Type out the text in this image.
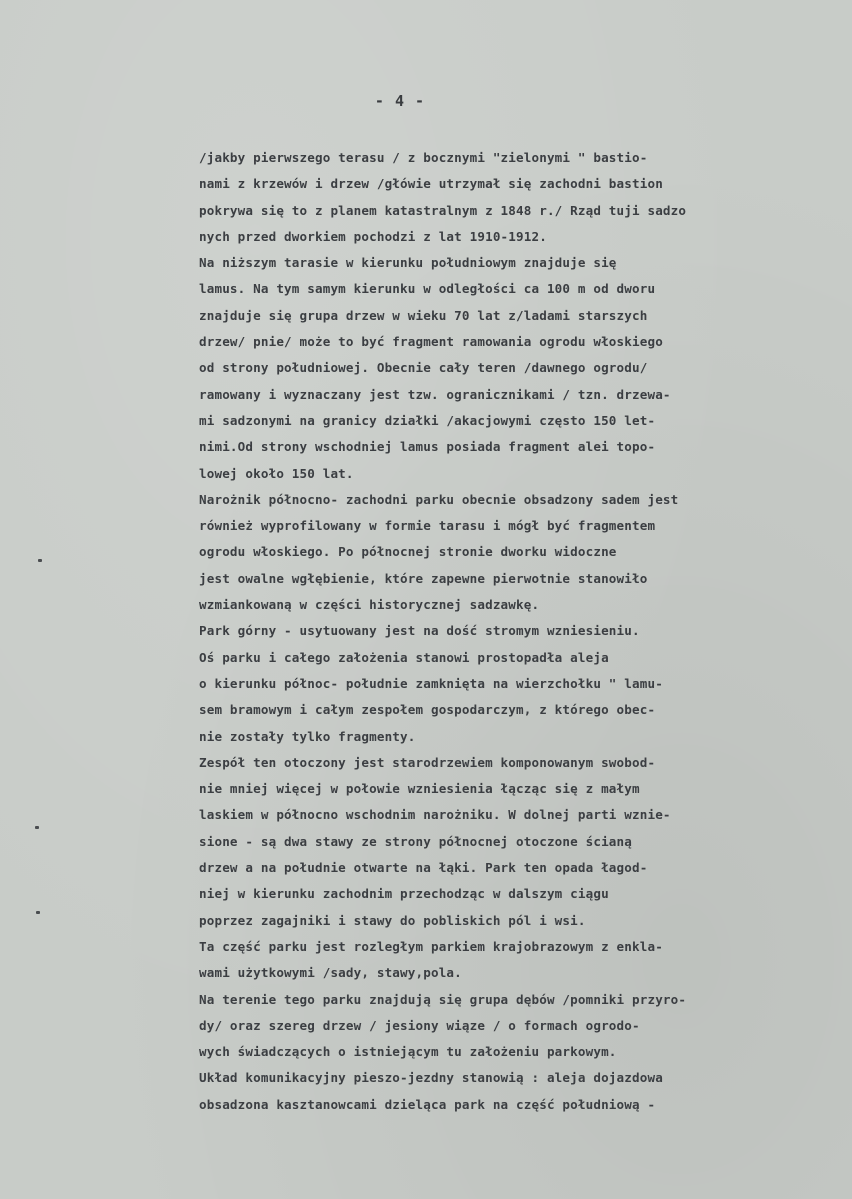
- 4 -
/jakby pierwszego terasu / z bocznymi "zielonymi " bastio-
nami z krzewów i drzew /główie utrzymał się zachodni bastion
pokrywa się to z planem katastralnym z 1848 r./ Rząd tuji sadzo
nych przed dworkiem pochodzi z lat 1910-1912.
Na niższym tarasie w kierunku południowym znajduje się
lamus. Na tym samym kierunku w odległości ca 100 m od dworu
znajduje się grupa drzew w wieku 70 lat z/ladami starszych
drzew/ pnie/ może to być fragment ramowania ogrodu włoskiego
od strony południowej. Obecnie cały teren /dawnego ogrodu/
ramowany i wyznaczany jest tzw. ogranicznikami / tzn. drzewa-
mi sadzonymi na granicy działki /akacjowymi często 150 let-
nimi.Od strony wschodniej lamus posiada fragment alei topo-
lowej około 150 lat.
Narożnik północno- zachodni parku obecnie obsadzony sadem jest
również wyprofilowany w formie tarasu i mógł być fragmentem
ogrodu włoskiego. Po północnej stronie dworku widoczne
jest owalne wgłębienie, które zapewne pierwotnie stanowiło
wzmiankowaną w części historycznej sadzawkę.
Park górny - usytuowany jest na dość stromym wzniesieniu.
Oś parku i całego założenia stanowi prostopadła aleja
o kierunku północ- południe zamknięta na wierzchołku " lamu-
sem bramowym i całym zespołem gospodarczym, z którego obec-
nie zostały tylko fragmenty.
Zespół ten otoczony jest starodrzewiem komponowanym swobod-
nie mniej więcej w połowie wzniesienia łącząc się z małym
laskiem w północno wschodnim narożniku. W dolnej parti wznie-
sione - są dwa stawy ze strony północnej otoczone ścianą
drzew a na południe otwarte na łąki. Park ten opada łagod-
niej w kierunku zachodnim przechodząc w dalszym ciągu
poprzez zagajniki i stawy do pobliskich pól i wsi.
Ta część parku jest rozległym parkiem krajobrazowym z enkla-
wami użytkowymi /sady, stawy,pola.
Na terenie tego parku znajdują się grupa dębów /pomniki przyro-
dy/ oraz szereg drzew / jesiony wiąze / o formach ogrodo-
wych świadczących o istniejącym tu założeniu parkowym.
Układ komunikacyjny pieszo-jezdny stanowią : aleja dojazdowa
obsadzona kasztanowcami dzieląca park na część południową -
